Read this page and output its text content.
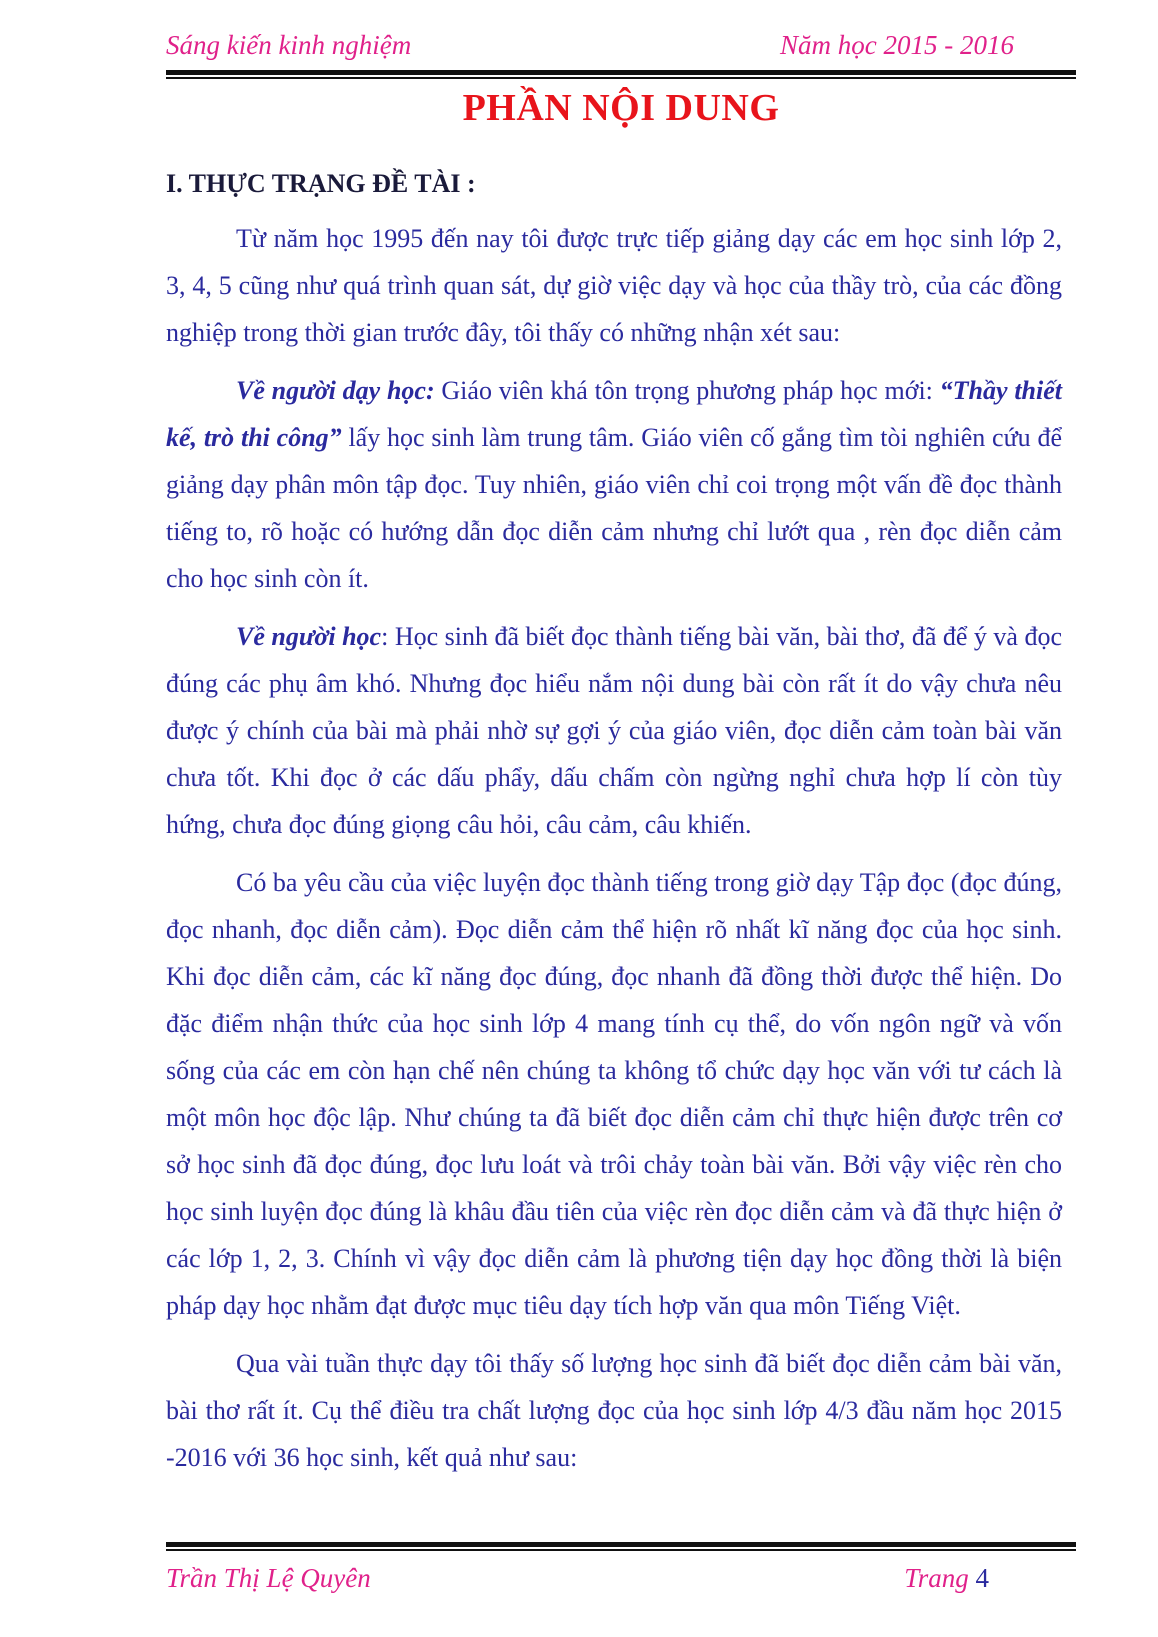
Sáng kiến kinh nghiệm	Năm học 2015 - 2016
PHẦN NỘI DUNG
I. THỰC TRẠNG ĐỀ TÀI :

Từ năm học 1995 đến nay tôi được trực tiếp giảng dạy các em học sinh lớp 2, 3, 4, 5 cũng như quá trình quan sát, dự giờ việc dạy và học của thầy trò, của các đồng nghiệp trong thời gian trước đây, tôi thấy có những nhận xét sau:

Về người dạy học: Giáo viên khá tôn trọng phương pháp học mới: “Thầy thiết kế, trò thi công” lấy học sinh làm trung tâm. Giáo viên cố gắng tìm tòi nghiên cứu để giảng dạy phân môn tập đọc. Tuy nhiên, giáo viên chỉ coi trọng một vấn đề đọc thành tiếng to, rõ hoặc có hướng dẫn đọc diễn cảm nhưng chỉ lướt qua , rèn đọc diễn cảm cho học sinh còn ít.

Về người học: Học sinh đã biết đọc thành tiếng bài văn, bài thơ, đã để ý và đọc đúng các phụ âm khó. Nhưng đọc hiểu nắm nội dung bài còn rất ít do vậy chưa nêu được ý chính của bài mà phải nhờ sự gợi ý của giáo viên, đọc diễn cảm toàn bài văn chưa tốt. Khi đọc ở các dấu phẩy, dấu chấm còn ngừng nghỉ chưa hợp lí còn tùy hứng, chưa đọc đúng giọng câu hỏi, câu cảm, câu khiến.

Có ba yêu cầu của việc luyện đọc thành tiếng trong giờ dạy Tập đọc (đọc đúng, đọc nhanh, đọc diễn cảm). Đọc diễn cảm thể hiện rõ nhất kĩ năng đọc của học sinh. Khi đọc diễn cảm, các kĩ năng đọc đúng, đọc nhanh đã đồng thời được thể hiện. Do đặc điểm nhận thức của học sinh lớp 4 mang tính cụ thể, do vốn ngôn ngữ và vốn sống của các em còn hạn chế nên chúng ta không tổ chức dạy học văn với tư cách là một môn học độc lập. Như chúng ta đã biết đọc diễn cảm chỉ thực hiện được trên cơ sở học sinh đã đọc đúng, đọc lưu loát và trôi chảy toàn bài văn. Bởi vậy việc rèn cho học sinh luyện đọc đúng là khâu đầu tiên của việc rèn đọc diễn cảm và đã thực hiện ở các lớp 1, 2, 3. Chính vì vậy đọc diễn cảm là phương tiện dạy học đồng thời là biện pháp dạy học nhằm đạt được mục tiêu dạy tích hợp văn qua môn Tiếng Việt.

Qua vài tuần thực dạy tôi thấy số lượng học sinh đã biết đọc diễn cảm bài văn, bài thơ rất ít. Cụ thể điều tra chất lượng đọc của học sinh lớp 4/3 đầu năm học 2015 -2016 với 36 học sinh, kết quả như sau:

Trần Thị Lệ Quyên	Trang 4
